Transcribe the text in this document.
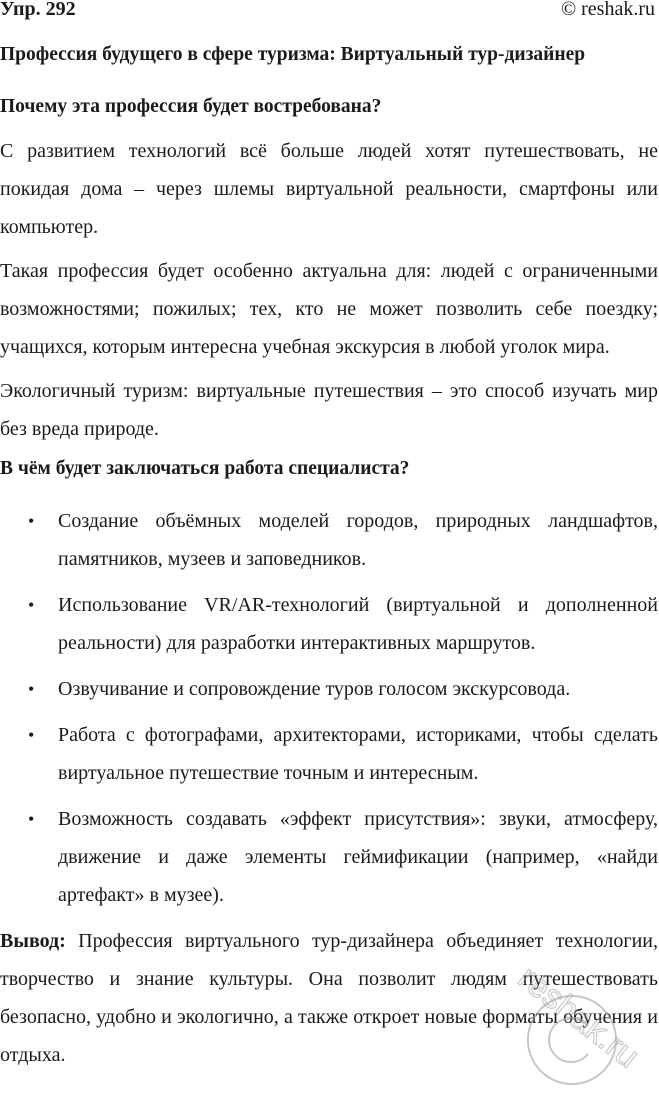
Упр. 292	© reshak.ru
Профессия будущего в сфере туризма: Виртуальный тур-дизайнер
Почему эта профессия будет востребована?

С развитием технологий всё больше людей хотят путешествовать, не покидая дома – через шлемы виртуальной реальности, смартфоны или компьютер.

Такая профессия будет особенно актуальна для: людей с ограниченными возможностями; пожилых; тех, кто не может позволить себе поездку; учащихся, которым интересна учебная экскурсия в любой уголок мира.

Экологичный туризм: виртуальные путешествия – это способ изучать мир без вреда природе.

В чём будет заключаться работа специалиста?
• Создание объёмных моделей городов, природных ландшафтов, памятников, музеев и заповедников.
• Использование VR/AR-технологий (виртуальной и дополненной реальности) для разработки интерактивных маршрутов.
• Озвучивание и сопровождение туров голосом экскурсовода.
• Работа с фотографами, архитекторами, историками, чтобы сделать виртуальное путешествие точным и интересным.
• Возможность создавать «эффект присутствия»: звуки, атмосферу, движение и даже элементы геймификации (например, «найди артефакт» в музее).

Вывод: Профессия виртуального тур-дизайнера объединяет технологии, творчество и знание культуры. Она позволит людям путешествовать безопасно, удобно и экологично, а также откроет новые форматы обучения и отдыха.	reshak.ru
